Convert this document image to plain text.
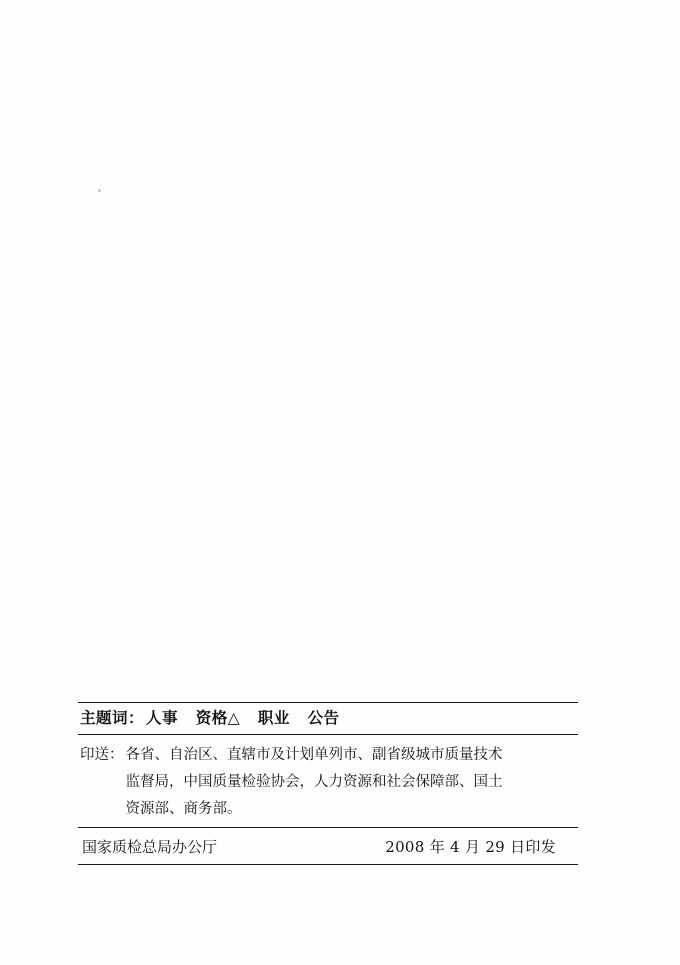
主题词： 人事   资格△   职业   公告
印送： 各省、自治区、直辖市及计划单列市、副省级城市质量技术
监督局，中国质量检验协会，人力资源和社会保障部、国土
资源部、商务部。
国家质检总局办公厅	2008 年 4 月 29 日印发
